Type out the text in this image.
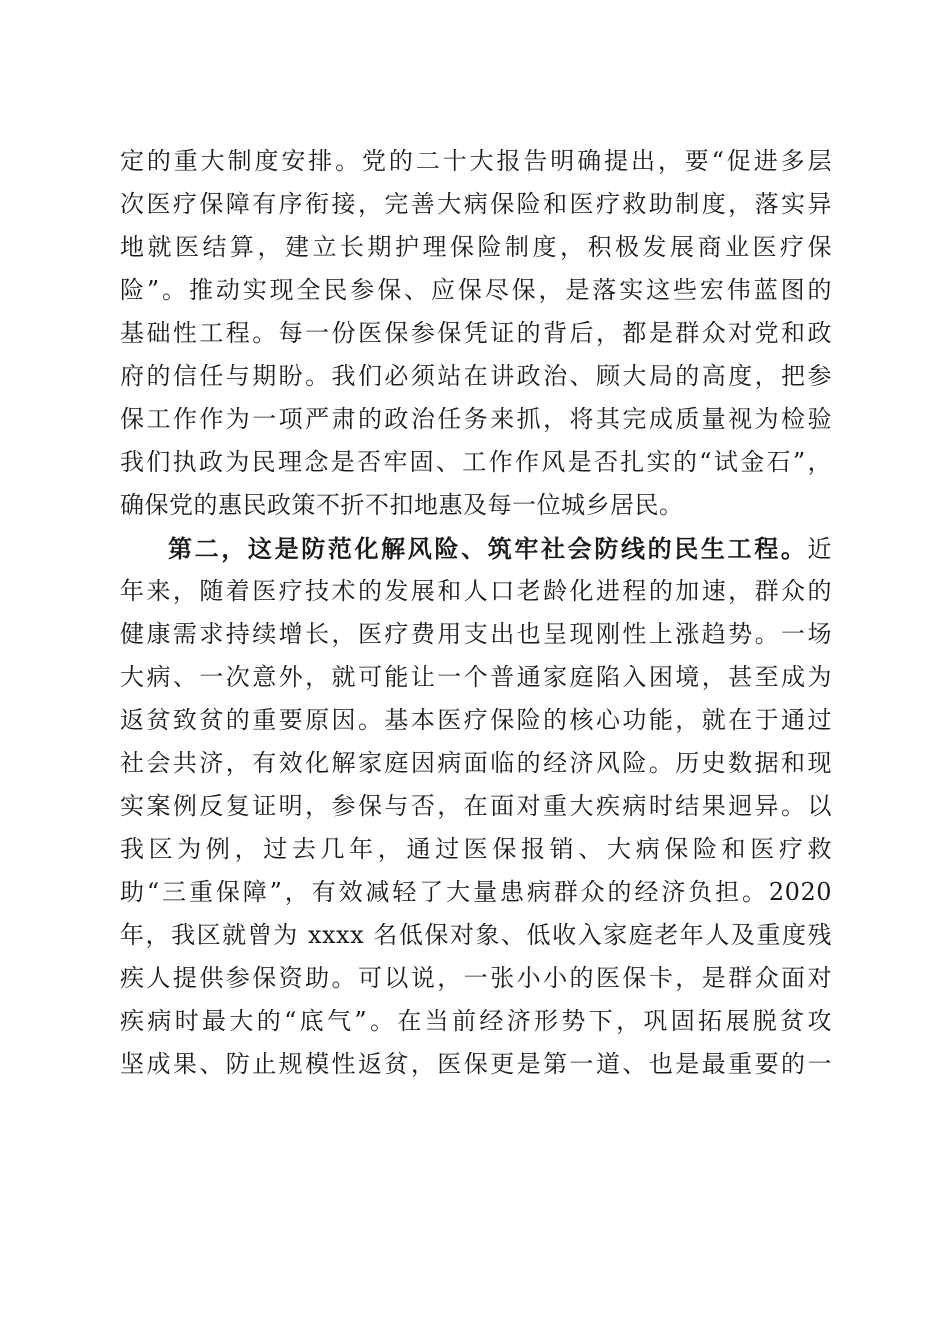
定的重大制度安排。党的二十大报告明确提出，要“促进多层
次医疗保障有序衔接，完善大病保险和医疗救助制度，落实异
地就医结算，建立长期护理保险制度，积极发展商业医疗保
险”。推动实现全民参保、应保尽保，是落实这些宏伟蓝图的
基础性工程。每一份医保参保凭证的背后，都是群众对党和政
府的信任与期盼。我们必须站在讲政治、顾大局的高度，把参
保工作作为一项严肃的政治任务来抓，将其完成质量视为检验
我们执政为民理念是否牢固、工作作风是否扎实的“试金石”，
确保党的惠民政策不折不扣地惠及每一位城乡居民。
第二，这是防范化解风险、筑牢社会防线的民生工程。近
年来，随着医疗技术的发展和人口老龄化进程的加速，群众的
健康需求持续增长，医疗费用支出也呈现刚性上涨趋势。一场
大病、一次意外，就可能让一个普通家庭陷入困境，甚至成为
返贫致贫的重要原因。基本医疗保险的核心功能，就在于通过
社会共济，有效化解家庭因病面临的经济风险。历史数据和现
实案例反复证明，参保与否，在面对重大疾病时结果迥异。以
我区为例，过去几年，通过医保报销、大病保险和医疗救
助“三重保障”，有效减轻了大量患病群众的经济负担。2020
年，我区就曾为 xxxx 名低保对象、低收入家庭老年人及重度残
疾人提供参保资助。可以说，一张小小的医保卡，是群众面对
疾病时最大的“底气”。在当前经济形势下，巩固拓展脱贫攻
坚成果、防止规模性返贫，医保更是第一道、也是最重要的一
